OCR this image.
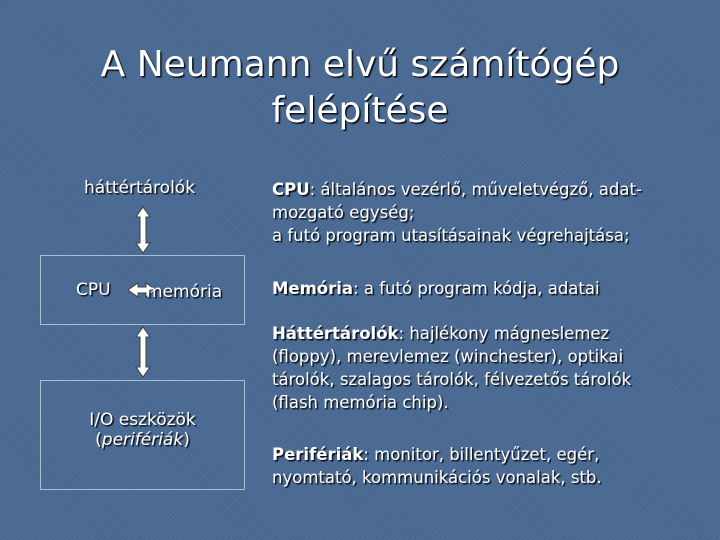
A Neumann elvű számítógép
felépítése
háttértárolók
CPU memória
I/O eszközök
(perifériák)
CPU: általános vezérlő, műveletvégző, adat-
mozgató egység;
a futó program utasításainak végrehajtása;
Memória: a futó program kódja, adatai
Háttértárolók: hajlékony mágneslemez
(floppy), merevlemez (winchester), optikai
tárolók, szalagos tárolók, félvezetős tárolók
(flash memória chip).
Perifériák: monitor, billentyűzet, egér,
nyomtató, kommunikációs vonalak, stb.
